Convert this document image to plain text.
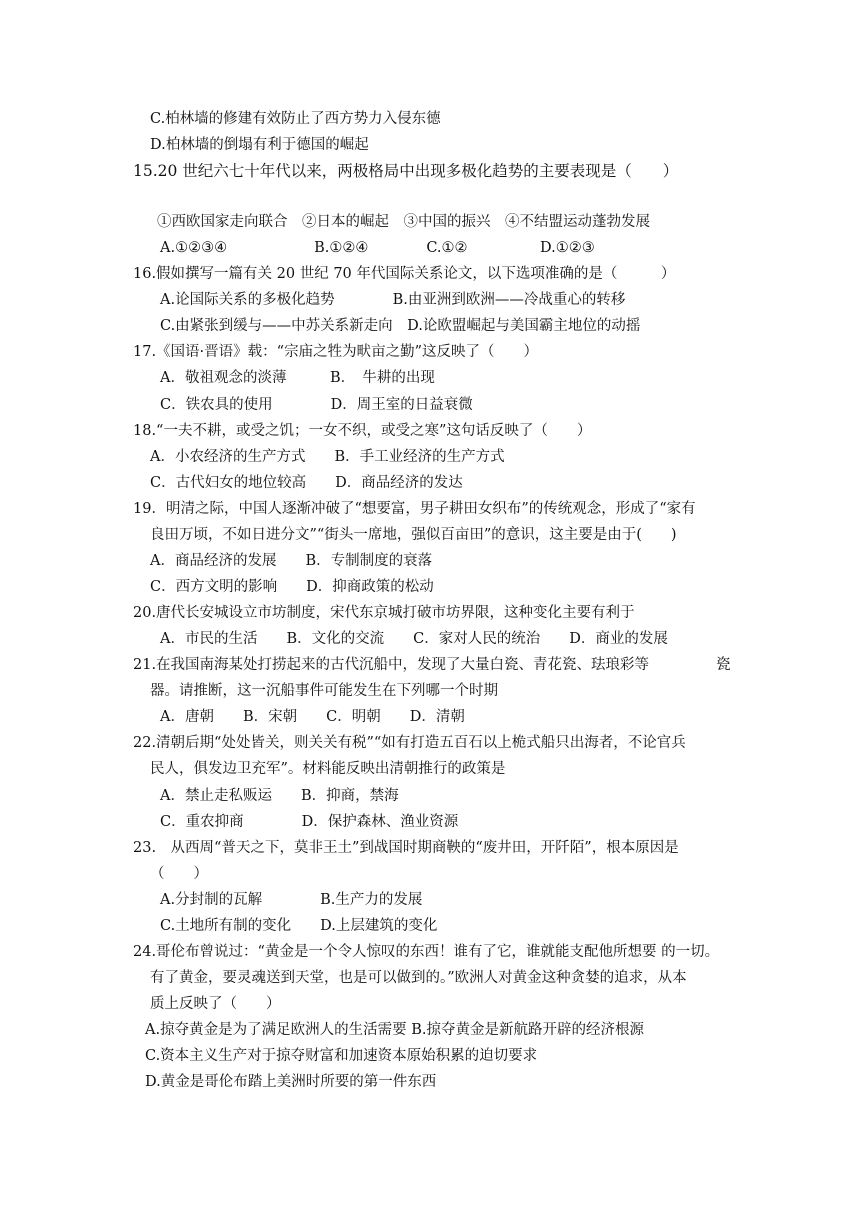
C.柏林墙的修建有效防止了西方势力入侵东德
D.柏林墙的倒塌有利于德国的崛起
15.20 世纪六七十年代以来，两极格局中出现多极化趋势的主要表现是（　　）
①西欧国家走向联合　②日本的崛起　③中国的振兴　④不结盟运动蓬勃发展
A.①②③④　　　　　　B.①②④　　　　C.①②　　　　　D.①②③
16.假如撰写一篇有关 20 世纪 70 年代国际关系论文，以下选项准确的是（　　　）
A.论国际关系的多极化趋势　　　　B.由亚洲到欧洲——冷战重心的转移
C.由紧张到缓与——中苏关系新走向　D.论欧盟崛起与美国霸主地位的动摇
17.《国语·晋语》载：“宗庙之牲为畎亩之勤”这反映了（　　）
A．敬祖观念的淡薄　　　B．　牛耕的出现
C．铁农具的使用　　　　D．周王室的日益衰微
18.“一夫不耕，或受之饥；一女不织，或受之寒”这句话反映了（　　）
A．小农经济的生产方式　　B．手工业经济的生产方式
C．古代妇女的地位较高　　D．商品经济的发达
19．明清之际，中国人逐渐冲破了“想要富，男子耕田女织布”的传统观念，形成了“家有
良田万顷，不如日进分文”“街头一席地，强似百亩田”的意识，这主要是由于(　　)
A．商品经济的发展　　B．专制制度的衰落
C．西方文明的影响　　D．抑商政策的松动
20.唐代长安城设立市坊制度，宋代东京城打破市坊界限，这种变化主要有利于
A．市民的生活　　B．文化的交流　　C．家对人民的统治　　D．商业的发展
21.在我国南海某处打捞起来的古代沉船中，发现了大量白瓷、青花瓷、珐琅彩等	瓷
器。请推断，这一沉船事件可能发生在下列哪一个时期
A．唐朝　　B．宋朝　　C．明朝　　D．清朝
22.清朝后期“处处皆关，则关关有税”“如有打造五百石以上桅式船只出海者，不论官兵
民人，俱发边卫充军”。材料能反映出清朝推行的政策是
A．禁止走私贩运　　B．抑商，禁海
C．重农抑商　　　　D．保护森林、渔业资源
23.　从西周“普天之下，莫非王土”到战国时期商鞅的“废井田，开阡陌”，根本原因是
（　　）
A.分封制的瓦解　　　　B.生产力的发展
C.土地所有制的变化　　D.上层建筑的变化
24.哥伦布曾说过：“黄金是一个令人惊叹的东西！谁有了它，谁就能支配他所想要 的一切。
有了黄金，要灵魂送到天堂，也是可以做到的。”欧洲人对黄金这种贪婪的追求，从本
质上反映了（　　）
A.掠夺黄金是为了满足欧洲人的生活需要 B.掠夺黄金是新航路开辟的经济根源
C.资本主义生产对于掠夺财富和加速资本原始积累的迫切要求
D.黄金是哥伦布踏上美洲时所要的第一件东西
